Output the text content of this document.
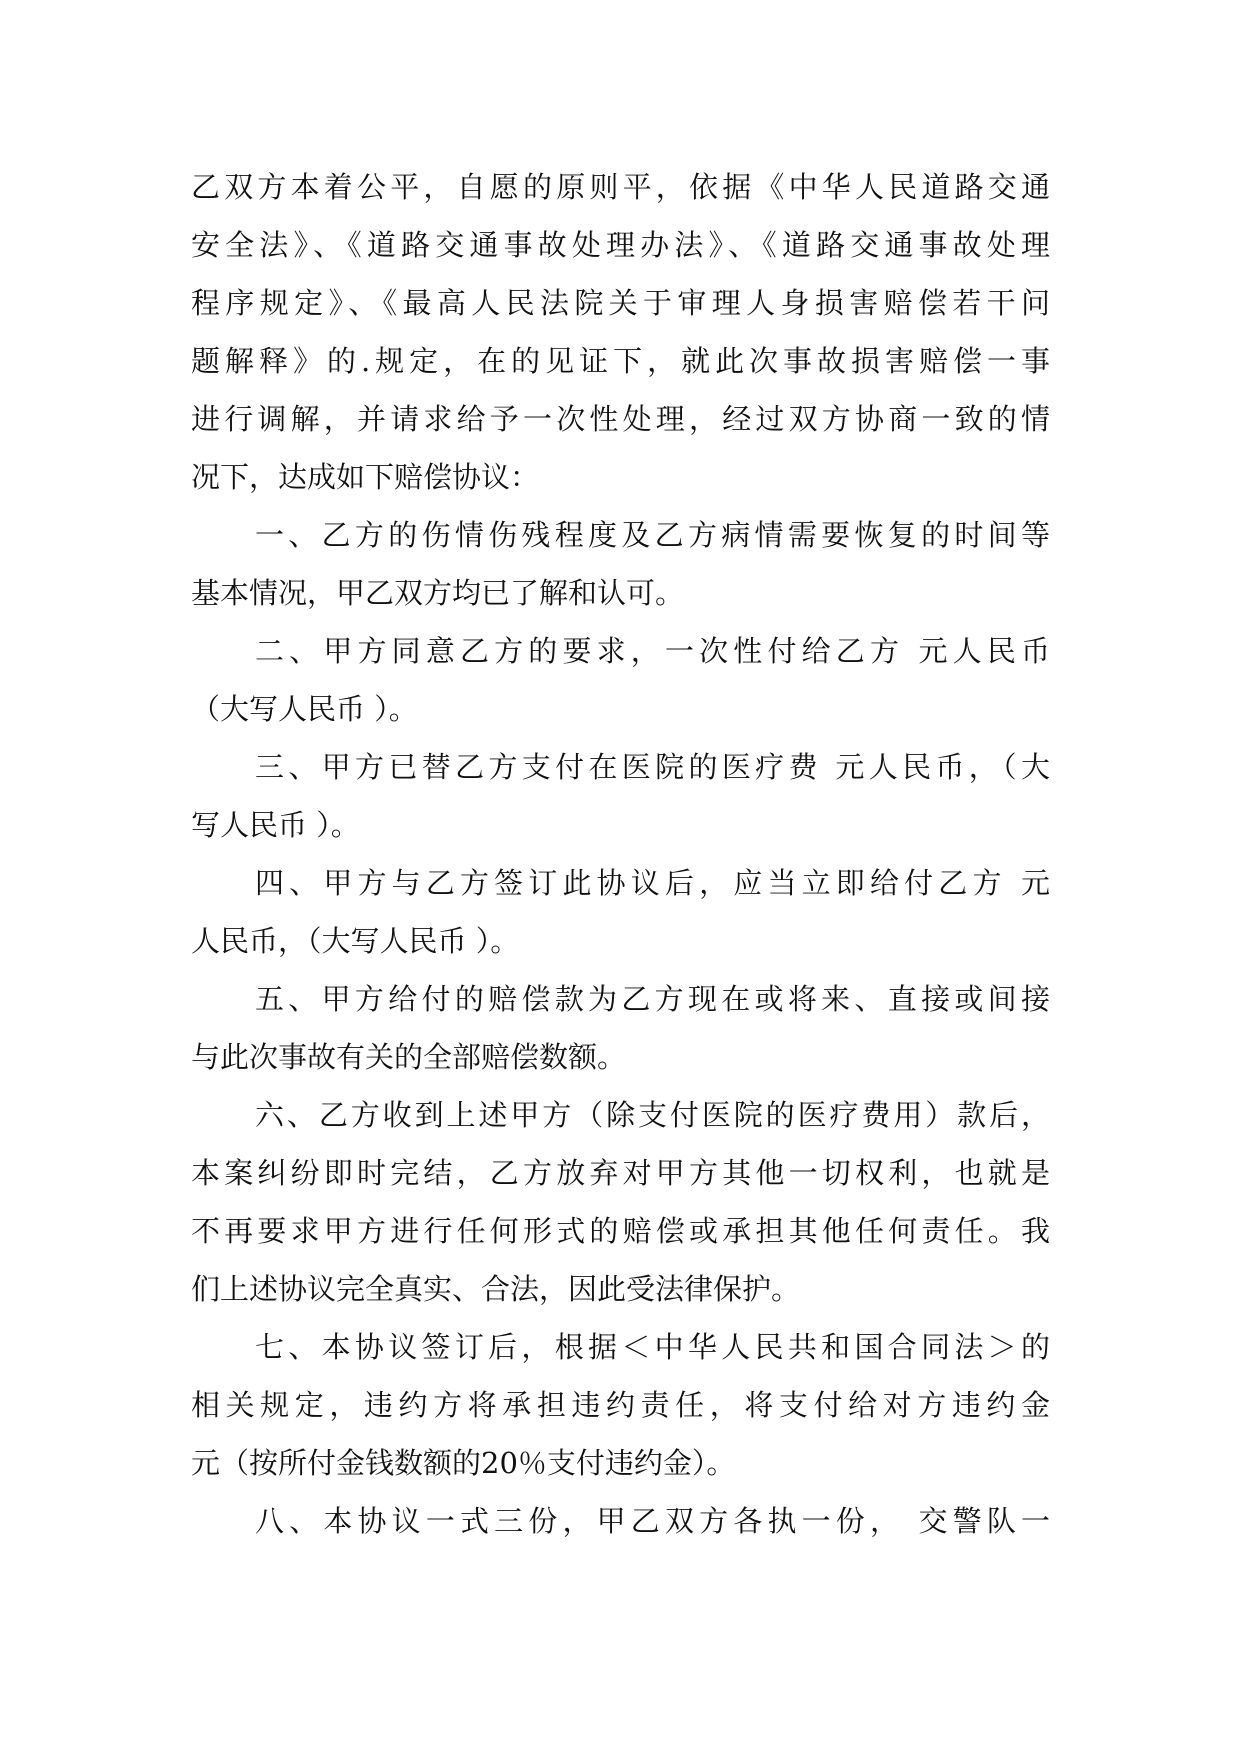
乙双方本着公平，自愿的原则平，依据《中华人民道路交通
安全法》、《道路交通事故处理办法》、《道路交通事故处理
程序规定》、《最高人民法院关于审理人身损害赔偿若干问
题解释》的.规定，在的见证下，就此次事故损害赔偿一事
进行调解，并请求给予一次性处理，经过双方协商一致的情
况下，达成如下赔偿协议：
一、乙方的伤情伤残程度及乙方病情需要恢复的时间等
基本情况，甲乙双方均已了解和认可。
二、甲方同意乙方的要求，一次性付给乙方 元人民币
（大写人民币 ）。
三、甲方已替乙方支付在医院的医疗费 元人民币，（大
写人民币 ）。
四、甲方与乙方签订此协议后，应当立即给付乙方 元
人民币，（大写人民币 ）。
五、甲方给付的赔偿款为乙方现在或将来、直接或间接
与此次事故有关的全部赔偿数额。
六、乙方收到上述甲方（除支付医院的医疗费用）款后，
本案纠纷即时完结，乙方放弃对甲方其他一切权利，也就是
不再要求甲方进行任何形式的赔偿或承担其他任何责任。我
们上述协议完全真实、合法，因此受法律保护。
七、本协议签订后，根据＜中华人民共和国合同法＞的
相关规定，违约方将承担违约责任，将支付给对方违约金
元（按所付金钱数额的20％支付违约金）。
八、本协议一式三份，甲乙双方各执一份， 交警队一
